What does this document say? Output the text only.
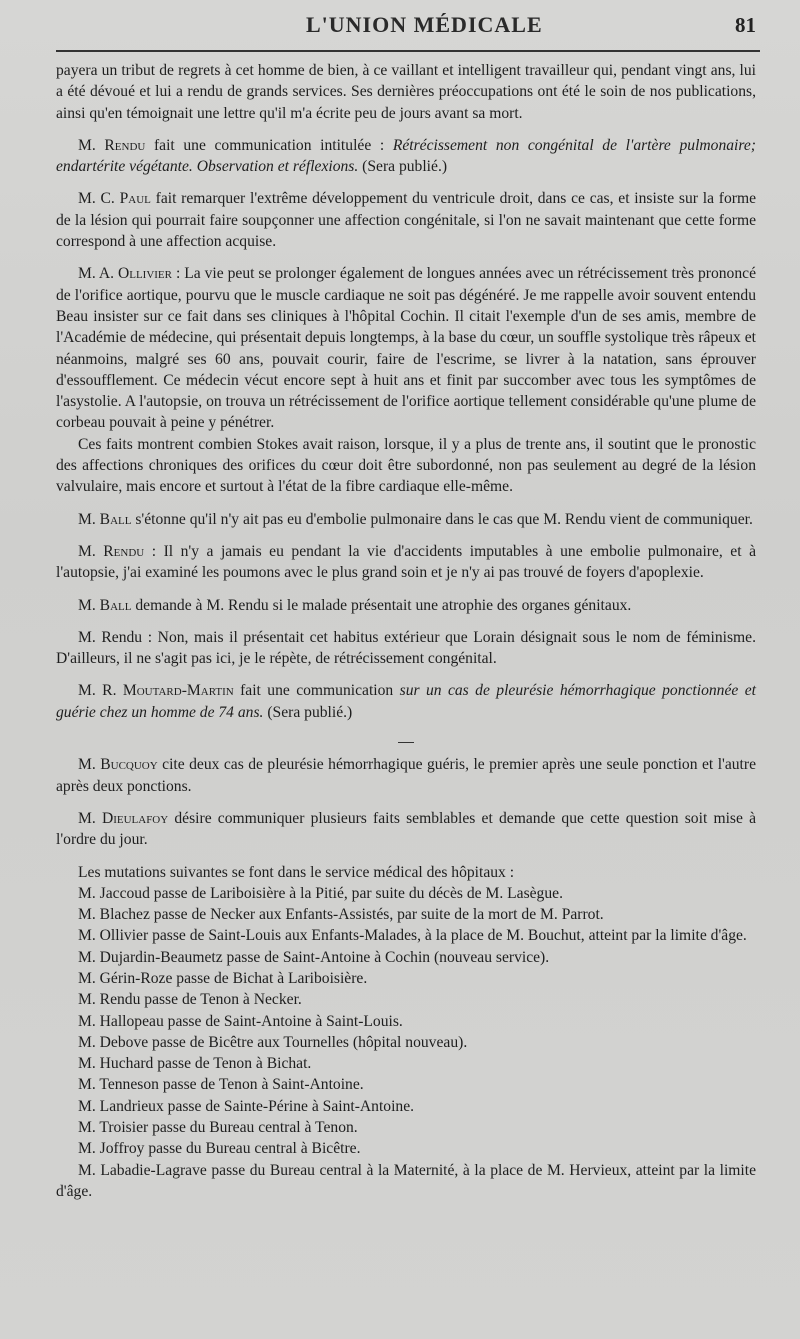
L'UNION MÉDICALE	81

payera un tribut de regrets à cet homme de bien, à ce vaillant et intelligent travailleur qui, pendant vingt ans, lui a été dévoué et lui a rendu de grands services. Ses dernières préoccupations ont été le soin de nos publications, ainsi qu'en témoignait une lettre qu'il m'a écrite peu de jours avant sa mort.

M. Rendu fait une communication intitulée : Rétrécissement non congénital de l'artère pulmonaire; endartérite végétante. Observation et réflexions. (Sera publié.)

M. C. Paul fait remarquer l'extrême développement du ventricule droit, dans ce cas, et insiste sur la forme de la lésion qui pourrait faire soupçonner une affection congénitale, si l'on ne savait maintenant que cette forme correspond à une affection acquise.

M. A. Ollivier : La vie peut se prolonger également de longues années avec un rétrécissement très prononcé de l'orifice aortique, pourvu que le muscle cardiaque ne soit pas dégénéré. Je me rappelle avoir souvent entendu Beau insister sur ce fait dans ses cliniques à l'hôpital Cochin. Il citait l'exemple d'un de ses amis, membre de l'Académie de médecine, qui présentait depuis longtemps, à la base du cœur, un souffle systolique très râpeux et néanmoins, malgré ses 60 ans, pouvait courir, faire de l'escrime, se livrer à la natation, sans éprouver d'essoufflement. Ce médecin vécut encore sept à huit ans et finit par succomber avec tous les symptômes de l'asystolie. A l'autopsie, on trouva un rétrécissement de l'orifice aortique tellement considérable qu'une plume de corbeau pouvait à peine y pénétrer.

Ces faits montrent combien Stokes avait raison, lorsque, il y a plus de trente ans, il soutint que le pronostic des affections chroniques des orifices du cœur doit être subordonné, non pas seulement au degré de la lésion valvulaire, mais encore et surtout à l'état de la fibre cardiaque elle-même.

M. Ball s'étonne qu'il n'y ait pas eu d'embolie pulmonaire dans le cas que M. Rendu vient de communiquer.

M. Rendu : Il n'y a jamais eu pendant la vie d'accidents imputables à une embolie pulmonaire, et à l'autopsie, j'ai examiné les poumons avec le plus grand soin et je n'y ai pas trouvé de foyers d'apoplexie.

M. Ball demande à M. Rendu si le malade présentait une atrophie des organes génitaux.

M. Rendu : Non, mais il présentait cet habitus extérieur que Lorain désignait sous le nom de féminisme. D'ailleurs, il ne s'agit pas ici, je le répète, de rétrécissement congénital.

M. R. Moutard-Martin fait une communication sur un cas de pleurésie hémorrhagique ponctionnée et guérie chez un homme de 74 ans. (Sera publié.)

M. Bucquoy cite deux cas de pleurésie hémorrhagique guéris, le premier après une seule ponction et l'autre après deux ponctions.

M. Dieulafoy désire communiquer plusieurs faits semblables et demande que cette question soit mise à l'ordre du jour.

Les mutations suivantes se font dans le service médical des hôpitaux :

M. Jaccoud passe de Lariboisière à la Pitié, par suite du décès de M. Lasègue.
M. Blachez passe de Necker aux Enfants-Assistés, par suite de la mort de M. Parrot.
M. Ollivier passe de Saint-Louis aux Enfants-Malades, à la place de M. Bouchut, atteint par la limite d'âge.
M. Dujardin-Beaumetz passe de Saint-Antoine à Cochin (nouveau service).
M. Gérin-Roze passe de Bichat à Lariboisière.
M. Rendu passe de Tenon à Necker.
M. Hallopeau passe de Saint-Antoine à Saint-Louis.
M. Debove passe de Bicêtre aux Tournelles (hôpital nouveau).
M. Huchard passe de Tenon à Bichat.
M. Tenneson passe de Tenon à Saint-Antoine.
M. Landrieux passe de Sainte-Périne à Saint-Antoine.
M. Troisier passe du Bureau central à Tenon.
M. Joffroy passe du Bureau central à Bicêtre.
M. Labadie-Lagrave passe du Bureau central à la Maternité, à la place de M. Hervieux, atteint par la limite d'âge.
